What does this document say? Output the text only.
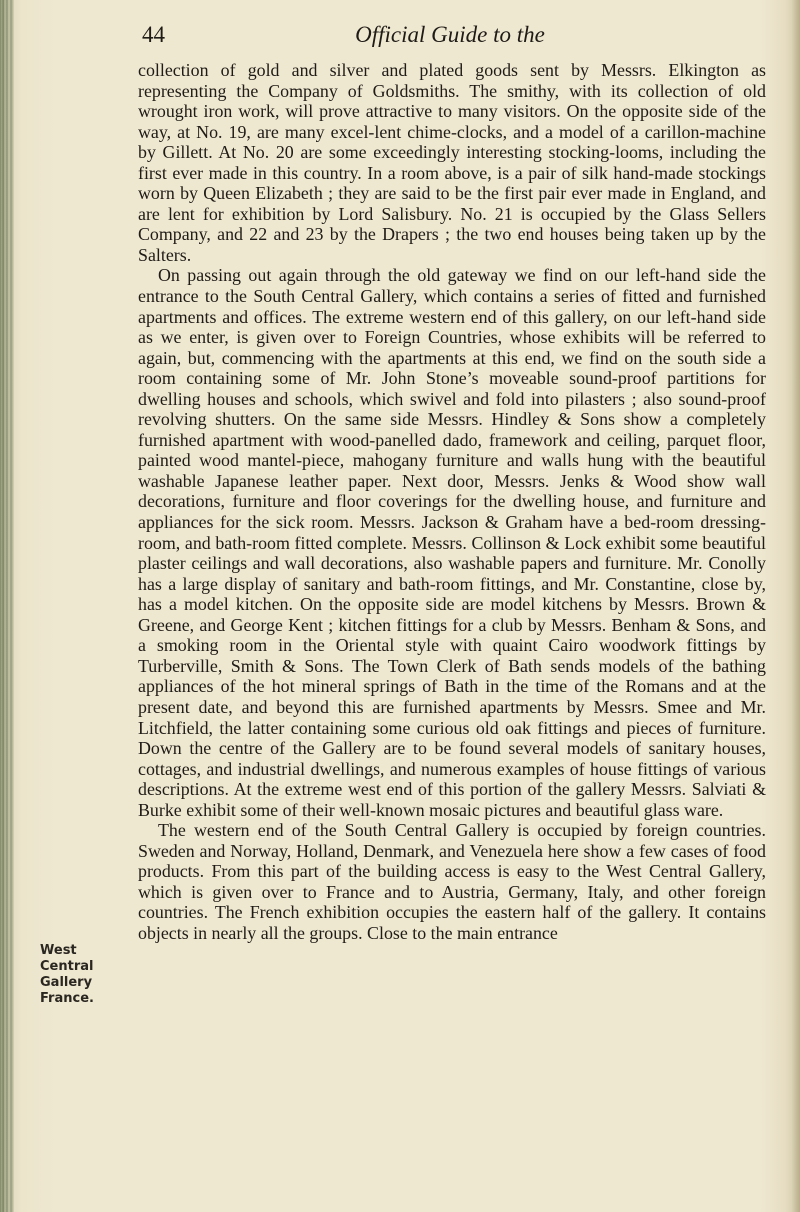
44	Official Guide to the

collection of gold and silver and plated goods sent by Messrs. Elkington as representing the Company of Goldsmiths. The smithy, with its collection of old wrought iron work, will prove attractive to many visitors. On the opposite side of the way, at No. 19, are many excel-lent chime-clocks, and a model of a carillon-machine by Gillett. At No. 20 are some exceedingly interesting stocking-looms, including the first ever made in this country. In a room above, is a pair of silk hand-made stockings worn by Queen Elizabeth ; they are said to be the first pair ever made in England, and are lent for exhibition by Lord Salisbury. No. 21 is occupied by the Glass Sellers Company, and 22 and 23 by the Drapers ; the two end houses being taken up by the Salters.

On passing out again through the old gateway we find on our left-hand side the entrance to the South Central Gallery, which contains a series of fitted and furnished apartments and offices. The extreme western end of this gallery, on our left-hand side as we enter, is given over to Foreign Countries, whose exhibits will be referred to again, but, commencing with the apartments at this end, we find on the south side a room containing some of Mr. John Stone’s moveable sound-proof partitions for dwelling houses and schools, which swivel and fold into pilasters ; also sound-proof revolving shutters. On the same side Messrs. Hindley & Sons show a completely furnished apartment with wood-panelled dado, framework and ceiling, parquet floor, painted wood mantel-piece, mahogany furniture and walls hung with the beautiful washable Japanese leather paper. Next door, Messrs. Jenks & Wood show wall decorations, furniture and floor coverings for the dwelling house, and furniture and appliances for the sick room. Messrs. Jackson & Graham have a bed-room dressing-room, and bath-room fitted complete. Messrs. Collinson & Lock exhibit some beautiful plaster ceilings and wall decorations, also washable papers and furniture. Mr. Conolly has a large display of sanitary and bath-room fittings, and Mr. Constantine, close by, has a model kitchen. On the opposite side are model kitchens by Messrs. Brown & Greene, and George Kent ; kitchen fittings for a club by Messrs. Benham & Sons, and a smoking room in the Oriental style with quaint Cairo woodwork fittings by Turberville, Smith & Sons. The Town Clerk of Bath sends models of the bathing appliances of the hot mineral springs of Bath in the time of the Romans and at the present date, and beyond this are furnished apartments by Messrs. Smee and Mr. Litchfield, the latter containing some curious old oak fittings and pieces of furniture. Down the centre of the Gallery are to be found several models of sanitary houses, cottages, and industrial dwellings, and numerous examples of house fittings of various descriptions. At the extreme west end of this portion of the gallery Messrs. Salviati & Burke exhibit some of their well-known mosaic pictures and beautiful glass ware.

The western end of the South Central Gallery is occupied by foreign countries. Sweden and Norway, Holland, Denmark, and Venezuela here show a few cases of food products. From this part of the building access is easy to the West Central Gallery, which is given over to France and to Austria, Germany, Italy, and other foreign countries. The French exhibition occupies the eastern half of the gallery. It contains objects in nearly all the groups. Close to the main entrance

West
Central
Gallery
France.
